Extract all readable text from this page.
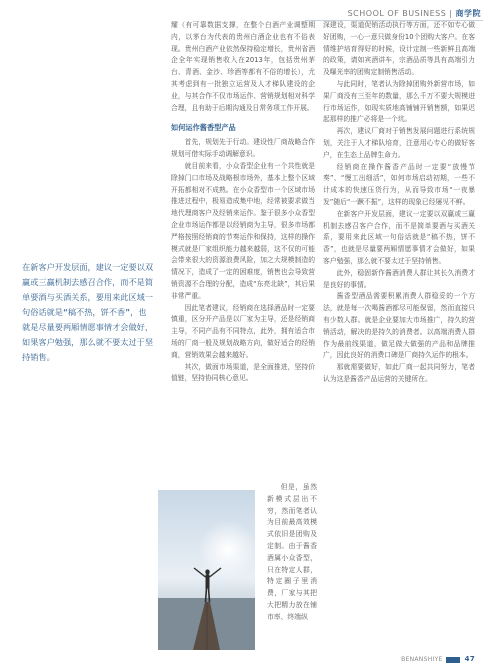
SCHOOL OF BUSINESS | 商学院
在新客户开发层面，建议一定要以双赢或三赢机制去感召合作，而不是简单要酒与买酒关系，要用来此区域一句俗话就是“稿不热，饼不香”，也就是尽量要两厢情愿事情才会做好，如果客户勉强，那么就不要太过于坚持销售。

耀（有可靠数据支撑，在整个白酒产业调整期内，以茅台为代表的贵州白酒企业也有不俗表现。贵州白酒产业依然保持稳定增长，贵州省酒企全年实现销售收入在2013年，包括贵州茅台、青酒、金沙、珍酒等都有不俗的增长），尤其考虑到有一批独立运营及人才梯队建设的企业，与其合作不仅市场运作、营销规划相对科学合理，且有助于后期沟通及日常务项工作开展。

如何运作酱香型产品

首先，规划先于行动。建设性厂商战略合作规划可借实际手动调解意识。

就目前来看，小众香型企业有一个共性就是除掉门口市场及战略根市场外，基本上整个区域开拓都相对不成熟。在小众香型市一个区域市场推进过程中，极易造成集中地，经常被要求做当地代理商客户及经销来运作。鉴于很多小众香型企业市场运作都是以经销商为主导，很多市场都严格按照经销商的节奏运作和保持，这样的操作模式就是厂家组织能力越来越弱，这不仅的可能会带来很大的资源浪费风险，加之大规模制造的情况下，造成了一定的困难度，销售也会导致营销资源不合理的分配，造成“东亮北缺”，其后果非常严重。

因此笔者建议，经销商在选择酒品时一定要慎重，区分开产品是以厂家为主导，还是经销商主导，不同产品有不同特点，此外，拥有适合市场的厂商一般及规划战略方向，做好适合的经销商，营销效果会越来越好。

其次，做面市场渠道，是全面推进，坚持价值链，坚持协同核心意见。

但是，虽然新模式层出不穷，然而笔者认为目前最高效模式依旧是团购及定制。由于酱香酒属小众香型，只在特定人群，特定圈子里消费，厂家与其把大把精力放在铺市率、终端纵

深建设，渠道促销活动执行等方面，还不如专心做好团购，一心一意只做身份10个团购大客户。在客情维护培育得好的时候，设计定制一些新鲜且高端的政策，请如宾酒讲车，宗酒品质等具有高端引力及曝光率的团购定制销售活动。

与此同时，笔者认为除掉团购外新营市场，如果厂商没有三至年的数量，那么千万不要大规模进行市场运作，如现实质地高铺铺开销售额，如果迟起那样的推广必将是一个坑。

再次，建议厂商对于销售发展问题进行系统规划，关注于人才梯队培育，注意用心专心的做好客户，在生态上品牌生命力。

经销商在操作酱香产品时一定要“放慢节奏”、“慢工出细活”，如何市场启动初期，一些不计成本的快速压货行为，从而导致市场“一夜暴发”随后“一蹶不振”，这样的现象已经屡见不鲜。

在新客户开发层面，建议一定要以双赢或三赢机制去感召客户合作，而不是简单要酒与买酒关系，要用来此区域一句俗话就是“稿不热，饼不香”，也就是尽量要两厢情愿事情才会做好，如果客户勉强，那么就不要太过于坚持销售。

此外，稳固新作酱酒消费人群让其长久消费才是良好的事情。

酱香型酒品需要积累消费人群稳妥的一个方法，就是每一次喝酱酒都尽可能保留，然而直接只有少数人群。就是企业要加大市场推广，持久的营销活动，解决的是持久的消费者。以高端消费人群作为最前线渠道，做足做大做强的产品和品牌推广，因此良好的消费口碑是厂商持久运作的根本。

那就需要做好，如此厂商一起共同努力，笔者认为这是酱香产品运营的关键所在。

BENANSHIYE	47
